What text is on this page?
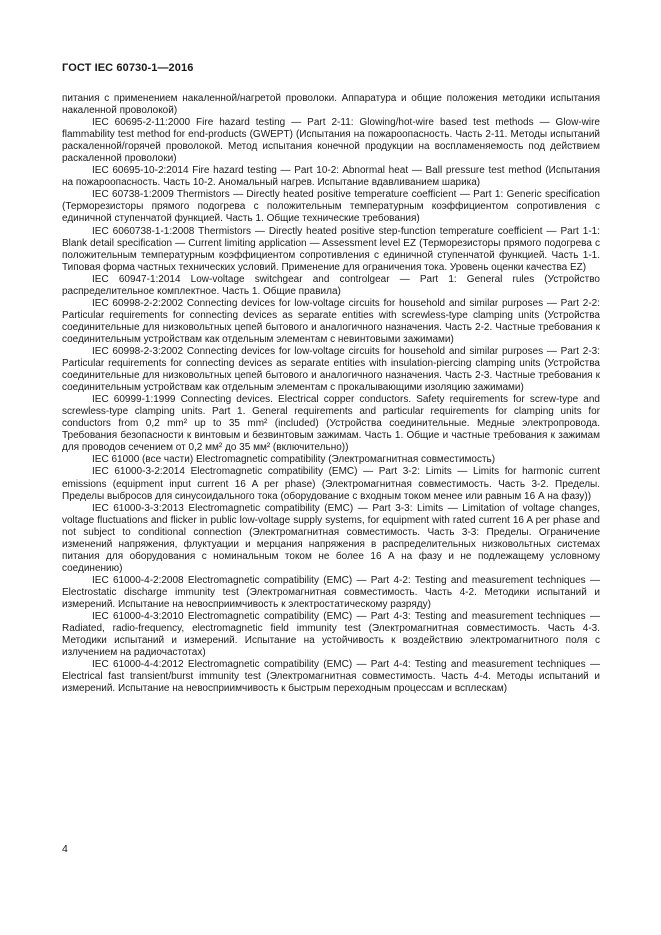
ГОСТ IEC 60730-1—2016

питания с применением накаленной/нагретой проволоки. Аппаратура и общие положения методики испытания накаленной проволокой)

IEC 60695-2-11:2000 Fire hazard testing — Part 2-11: Glowing/hot-wire based test methods — Glow-wire flammability test method for end-products (GWEPT) (Испытания на пожароопасность. Часть 2-11. Методы испытаний раскаленной/горячей проволокой. Метод испытания конечной продукции на воспламеняемость под действием раскаленной проволоки)

IEC 60695-10-2:2014 Fire hazard testing — Part 10-2: Abnormal heat — Ball pressure test method (Испытания на пожароопасность. Часть 10-2. Аномальный нагрев. Испытание вдавливанием шарика)

IEC 60738-1:2009 Thermistors — Directly heated positive temperature coefficient — Part 1: Generic specification (Терморезисторы прямого подогрева с положительным температурным коэффициентом сопротивления с единичной ступенчатой функцией. Часть 1. Общие технические требования)

IEC 6060738-1-1:2008 Thermistors — Directly heated positive step-function temperature coefficient — Part 1-1: Blank detail specification — Current limiting application — Assessment level EZ (Терморезисторы прямого подогрева с положительным температурным коэффициентом сопротивления с единичной ступенчатой функцией. Часть 1-1. Типовая форма частных технических условий. Применение для ограничения тока. Уровень оценки качества EZ)

IEC 60947-1:2014 Low-voltage switchgear and controlgear — Part 1: General rules (Устройство распределительное комплектное. Часть 1. Общие правила)

IEC 60998-2-2:2002 Connecting devices for low-voltage circuits for household and similar purposes — Part 2-2: Particular requirements for connecting devices as separate entities with screwless-type clamping units (Устройства соединительные для низковольтных цепей бытового и аналогичного назначения. Часть 2-2. Частные требования к соединительным устройствам как отдельным элементам с невинтовыми зажимами)

IEC 60998-2-3:2002 Connecting devices for low-voltage circuits for household and similar purposes — Part 2-3: Particular requirements for connecting devices as separate entities with insulation-piercing clamping units (Устройства соединительные для низковольтных цепей бытового и аналогичного назначения. Часть 2-3. Частные требования к соединительным устройствам как отдельным элементам с прокалывающими изоляцию зажимами)

IEC 60999-1:1999 Connecting devices. Electrical copper conductors. Safety requirements for screw-type and screwless-type clamping units. Part 1. General requirements and particular requirements for clamping units for conductors from 0,2 mm² up to 35 mm² (included) (Устройства соединительные. Медные электропровода. Требования безопасности к винтовым и безвинтовым зажимам. Часть 1. Общие и частные требования к зажимам для проводов сечением от 0,2 мм² до 35 мм² (включительно))

IEC 61000 (все части) Electromagnetic compatibility (Электромагнитная совместимость)

IEC 61000-3-2:2014 Electromagnetic compatibility (EMC) — Part 3-2: Limits — Limits for harmonic current emissions (equipment input current 16 A per phase) (Электромагнитная совместимость. Часть 3-2. Пределы. Пределы выбросов для синусоидального тока (оборудование с входным током менее или равным 16 А на фазу))

IEC 61000-3-3:2013 Electromagnetic compatibility (EMC) — Part 3-3: Limits — Limitation of voltage changes, voltage fluctuations and flicker in public low-voltage supply systems, for equipment with rated current 16 A per phase and not subject to conditional connection (Электромагнитная совместимость. Часть 3-3: Пределы. Ограничение изменений напряжения, флуктуации и мерцания напряжения в распределительных низковольтных системах питания для оборудования с номинальным током не более 16 А на фазу и не подлежащему условному соединению)

IEC 61000-4-2:2008 Electromagnetic compatibility (EMC) — Part 4-2: Testing and measurement techniques — Electrostatic discharge immunity test (Электромагнитная совместимость. Часть 4-2. Методики испытаний и измерений. Испытание на невосприимчивость к электростатическому разряду)

IEC 61000-4-3:2010 Electromagnetic compatibility (EMC) — Part 4-3: Testing and measurement techniques — Radiated, radio-frequency, electromagnetic field immunity test (Электромагнитная совместимость. Часть 4-3. Методики испытаний и измерений. Испытание на устойчивость к воздействию электромагнитного поля с излучением на радиочастотах)

IEC 61000-4-4:2012 Electromagnetic compatibility (EMC) — Part 4-4: Testing and measurement techniques — Electrical fast transient/burst immunity test (Электромагнитная совместимость. Часть 4-4. Методы испытаний и измерений. Испытание на невосприимчивость к быстрым переходным процессам и всплескам)

4
